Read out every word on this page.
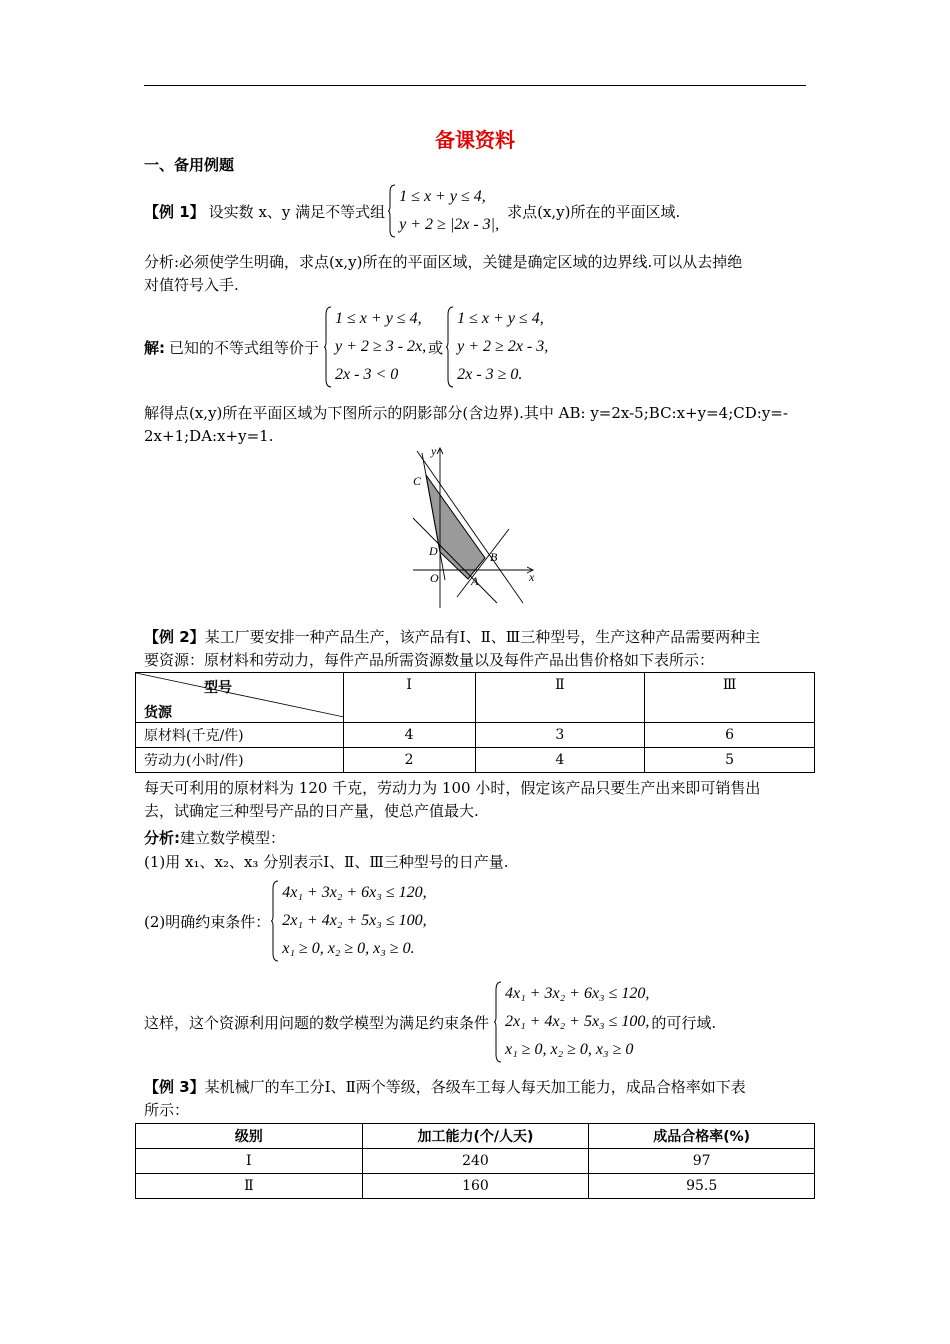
备课资料
一、备用例题
【例 1】 设实数 x、y 满足不等式组
1 ≤ x + y ≤ 4,
y + 2 ≥ |2x - 3|,
求点(x,y)所在的平面区域.
分析:必须使学生明确，求点(x,y)所在的平面区域，关键是确定区域的边界线.可以从去掉绝
对值符号入手.
解: 已知的不等式组等价于
1 ≤ x + y ≤ 4,
y + 2 ≥ 3 - 2x,
2x - 3 < 0
或
1 ≤ x + y ≤ 4,
y + 2 ≥ 2x - 3,
2x - 3 ≥ 0.
解得点(x,y)所在平面区域为下图所示的阴影部分(含边界).其中 AB: y=2x-5;BC:x+y=4;CD:y=-
2x+1;DA:x+y=1.
y
x
O	A
B
C
D
【例 2】某工厂要安排一种产品生产，该产品有Ⅰ、Ⅱ、Ⅲ三种型号，生产这种产品需要两种主
要资源：原材料和劳动力，每件产品所需资源数量以及每件产品出售价格如下表所示：
型号
货源	Ⅰ	Ⅱ	Ⅲ
原材料(千克/件)	4	3	6
劳动力(小时/件)	2	4	5
每天可利用的原材料为 120 千克，劳动力为 100 小时，假定该产品只要生产出来即可销售出
去，试确定三种型号产品的日产量，使总产值最大.
分析:建立数学模型：
(1)用 x₁、x₂、x₃ 分别表示Ⅰ、Ⅱ、Ⅲ三种型号的日产量.
(2)明确约束条件：
4x₁ + 3x₂ + 6x₃ ≤ 120,
2x₁ + 4x₂ + 5x₃ ≤ 100,
x₁ ≥ 0, x₂ ≥ 0, x₃ ≥ 0.
这样，这个资源利用问题的数学模型为满足约束条件
4x₁ + 3x₂ + 6x₃ ≤ 120,
2x₁ + 4x₂ + 5x₃ ≤ 100,
x₁ ≥ 0, x₂ ≥ 0, x₃ ≥ 0
的可行域.
【例 3】某机械厂的车工分Ⅰ、Ⅱ两个等级，各级车工每人每天加工能力，成品合格率如下表
所示：
级别	加工能力(个/人天)	成品合格率(%)
Ⅰ	240	97
Ⅱ	160	95.5
